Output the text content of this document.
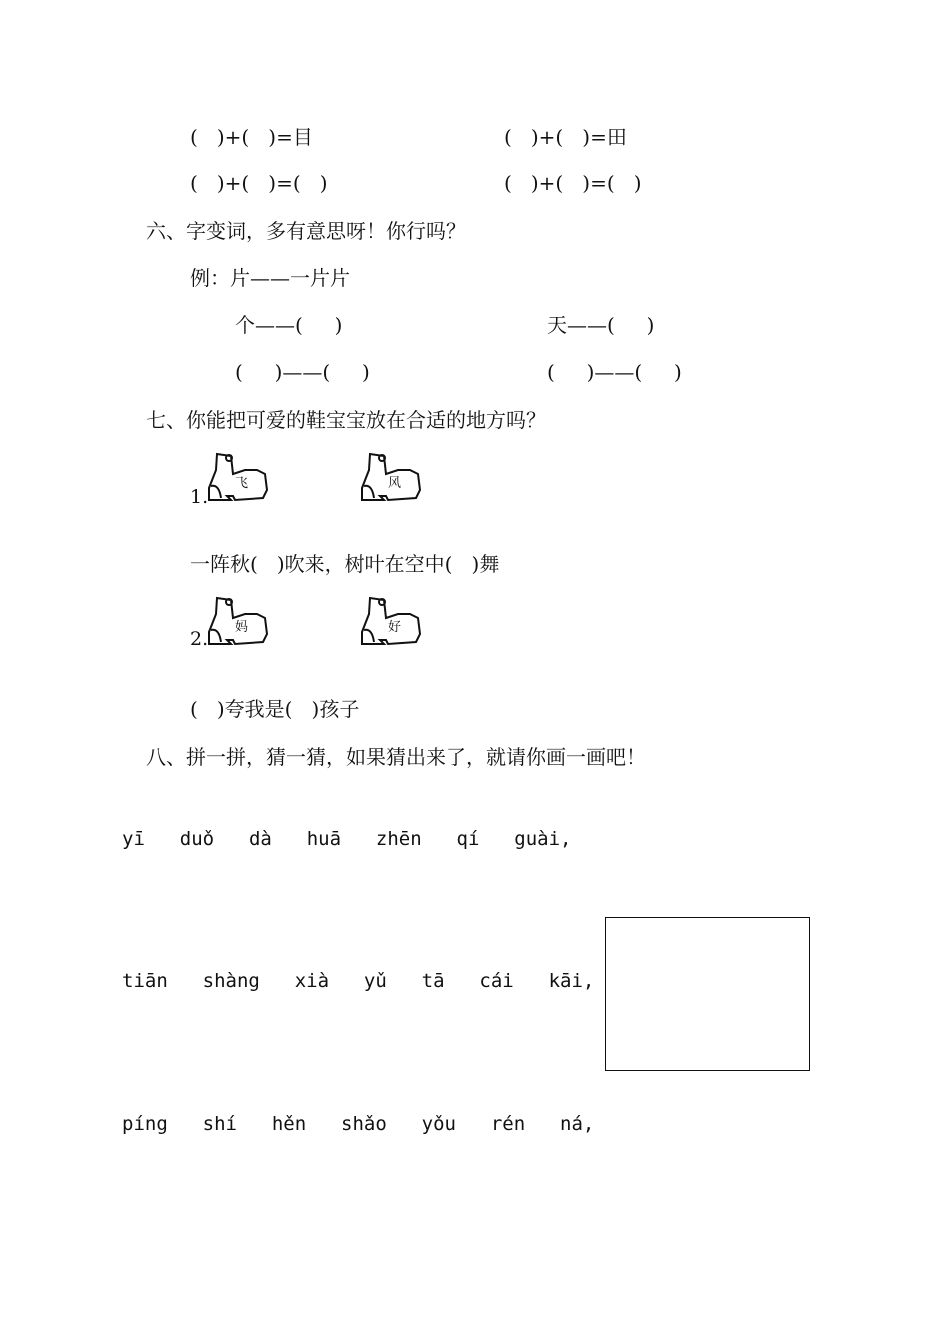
(   )+(   )=目	(   )+(   )=田
(   )+(   )=(   )	(   )+(   )=(   )
六、字变词，多有意思呀！你行吗？
例：片——一片片
个——(     )	天——(     )
(     )——(     )	(     )——(     )
七、你能把可爱的鞋宝宝放在合适的地方吗？
1.
飞	风
一阵秋(   )吹来，树叶在空中(   )舞
2.
妈	好
(   )夸我是(   )孩子
八、拼一拼，猜一猜，如果猜出来了，就请你画一画吧！
yī  duǒ  dà  huā  zhēn  qí  guài,
tiān  shàng  xià  yǔ  tā  cái  kāi,
píng  shí  hěn  shǎo  yǒu  rén  ná,
